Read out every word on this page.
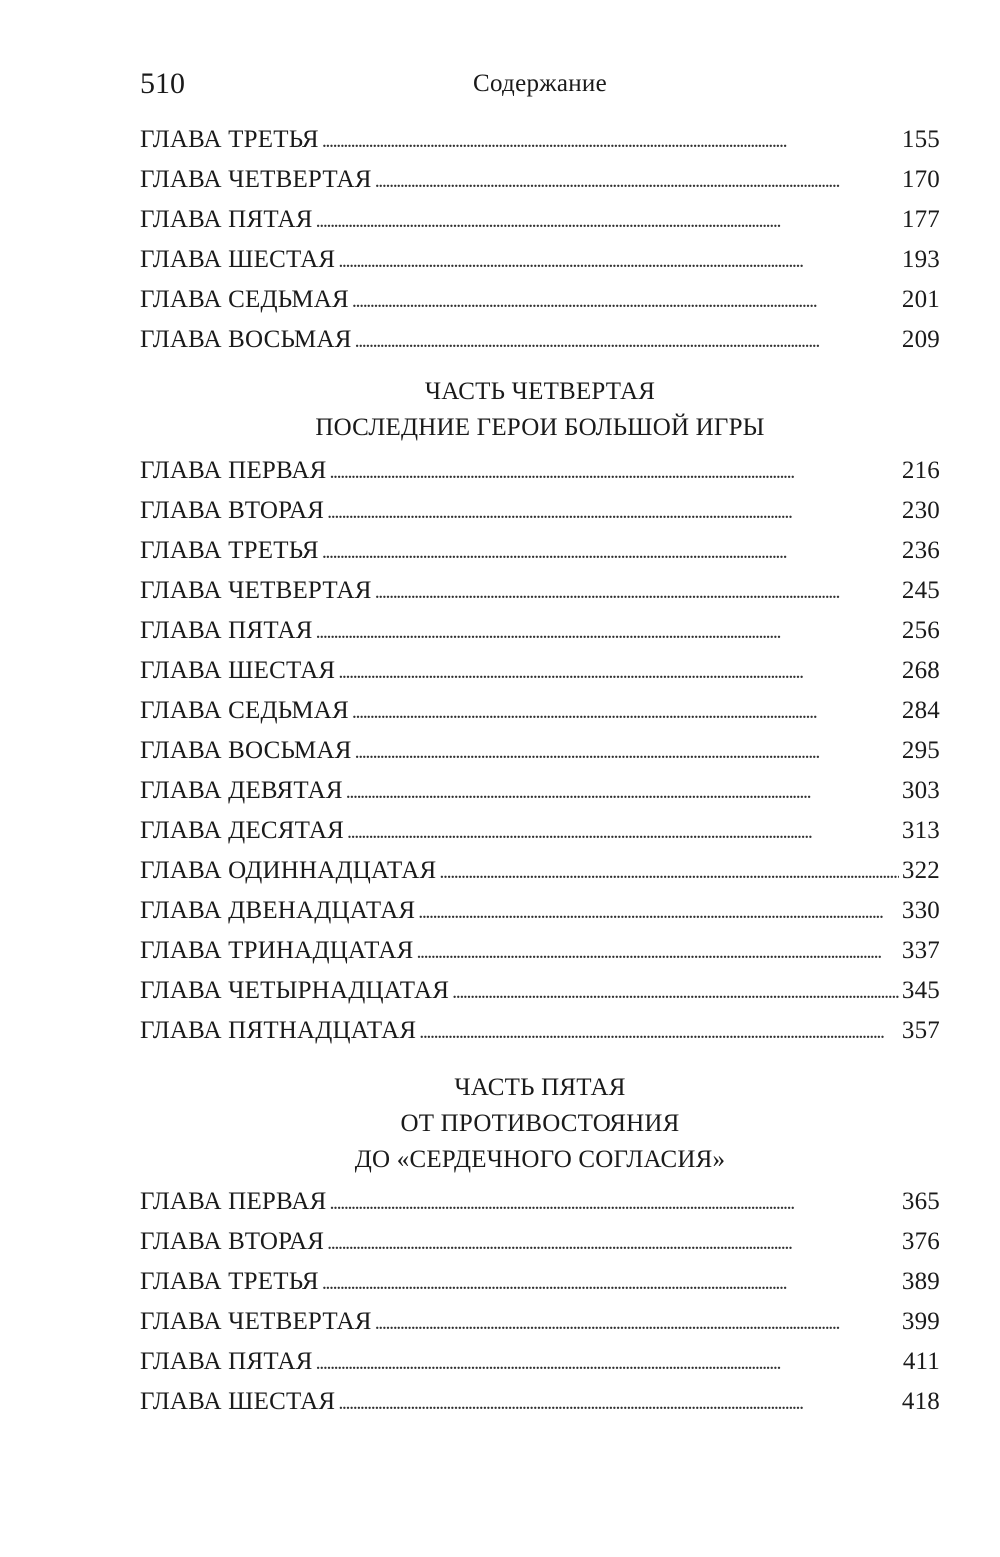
510	Содержание
ГЛАВА ТРЕТЬЯ . . .	155
ГЛАВА ЧЕТВЕРТАЯ . . .	170
ГЛАВА ПЯТАЯ . . .	177
ГЛАВА ШЕСТАЯ . . .	193
ГЛАВА СЕДЬМАЯ . . .	201
ГЛАВА ВОСЬМАЯ . . .	209
ЧАСТЬ ЧЕТВЕРТАЯ
ПОСЛЕДНИЕ ГЕРОИ БОЛЬШОЙ ИГРЫ
ГЛАВА ПЕРВАЯ . . .	216
ГЛАВА ВТОРАЯ . . .	230
ГЛАВА ТРЕТЬЯ . . .	236
ГЛАВА ЧЕТВЕРТАЯ . . .	245
ГЛАВА ПЯТАЯ . . .	256
ГЛАВА ШЕСТАЯ . . .	268
ГЛАВА СЕДЬМАЯ . . .	284
ГЛАВА ВОСЬМАЯ . . .	295
ГЛАВА ДЕВЯТАЯ . . .	303
ГЛАВА ДЕСЯТАЯ . . .	313
ГЛАВА ОДИННАДЦАТАЯ . . .	322
ГЛАВА ДВЕНАДЦАТАЯ . . .	330
ГЛАВА ТРИНАДЦАТАЯ . . .	337
ГЛАВА ЧЕТЫРНАДЦАТАЯ . . .	345
ГЛАВА ПЯТНАДЦАТАЯ . . .	357
ЧАСТЬ ПЯТАЯ
ОТ ПРОТИВОСТОЯНИЯ
ДО «СЕРДЕЧНОГО СОГЛАСИЯ»
ГЛАВА ПЕРВАЯ . . .	365
ГЛАВА ВТОРАЯ . . .	376
ГЛАВА ТРЕТЬЯ . . .	389
ГЛАВА ЧЕТВЕРТАЯ . . .	399
ГЛАВА ПЯТАЯ . . .	411
ГЛАВА ШЕСТАЯ . . .	418
